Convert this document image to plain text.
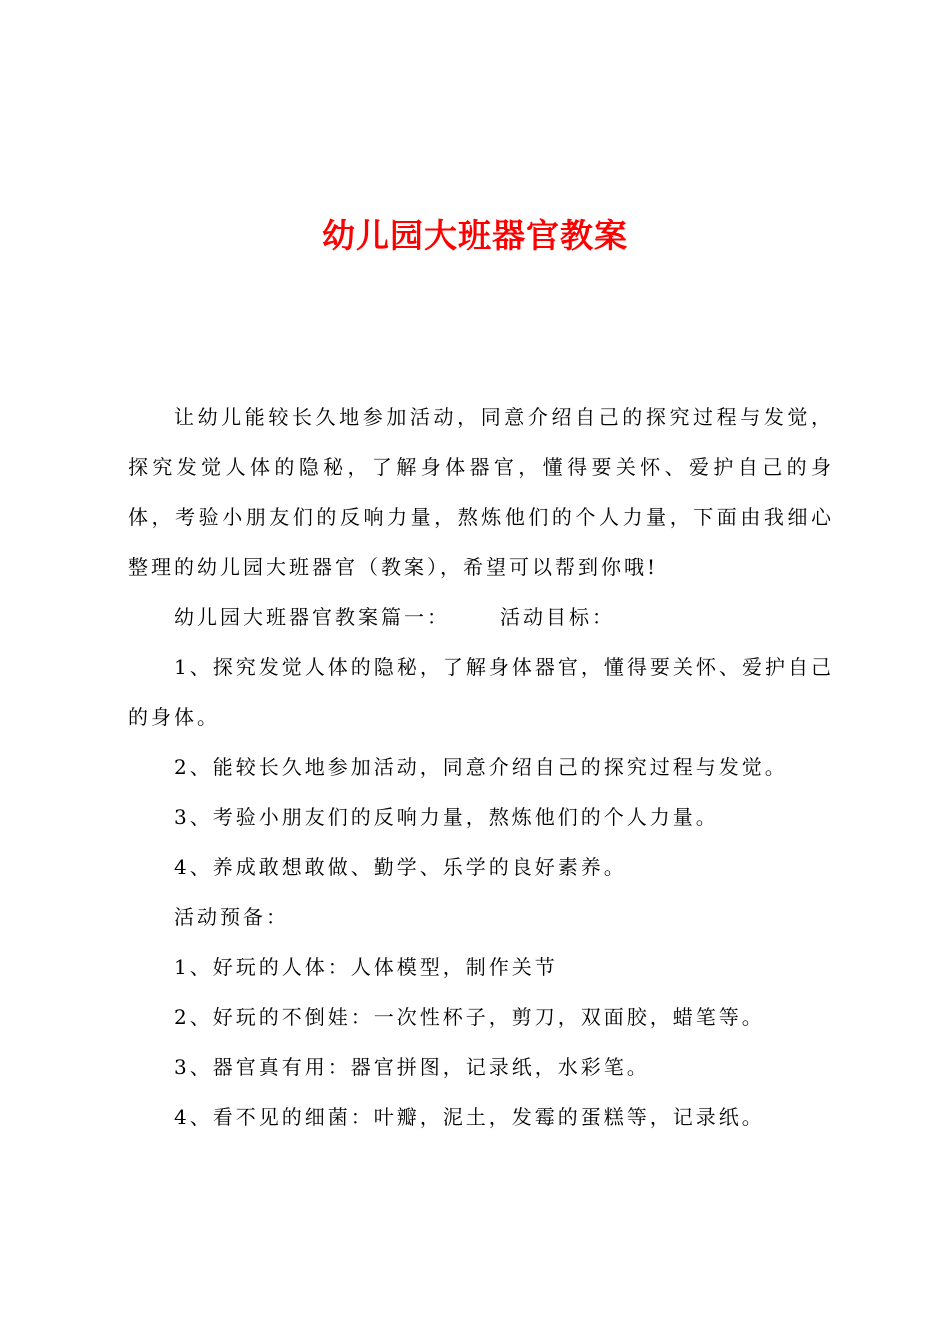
幼儿园大班器官教案

让幼儿能较长久地参加活动，同意介绍自己的探究过程与发觉，探究发觉人体的隐秘，了解身体器官，懂得要关怀、爱护自己的身体，考验小朋友们的反响力量，熬炼他们的个人力量，下面由我细心整理的幼儿园大班器官（教案），希望可以帮到你哦!

幼儿园大班器官教案篇一：	活动目标：

1、探究发觉人体的隐秘，了解身体器官，懂得要关怀、爱护自己的身体。

2、能较长久地参加活动，同意介绍自己的探究过程与发觉。

3、考验小朋友们的反响力量，熬炼他们的个人力量。

4、养成敢想敢做、勤学、乐学的良好素养。

活动预备：

1、好玩的人体：人体模型，制作关节

2、好玩的不倒娃：一次性杯子，剪刀，双面胶，蜡笔等。

3、器官真有用：器官拼图，记录纸，水彩笔。

4、看不见的细菌：叶瓣，泥土，发霉的蛋糕等，记录纸。
